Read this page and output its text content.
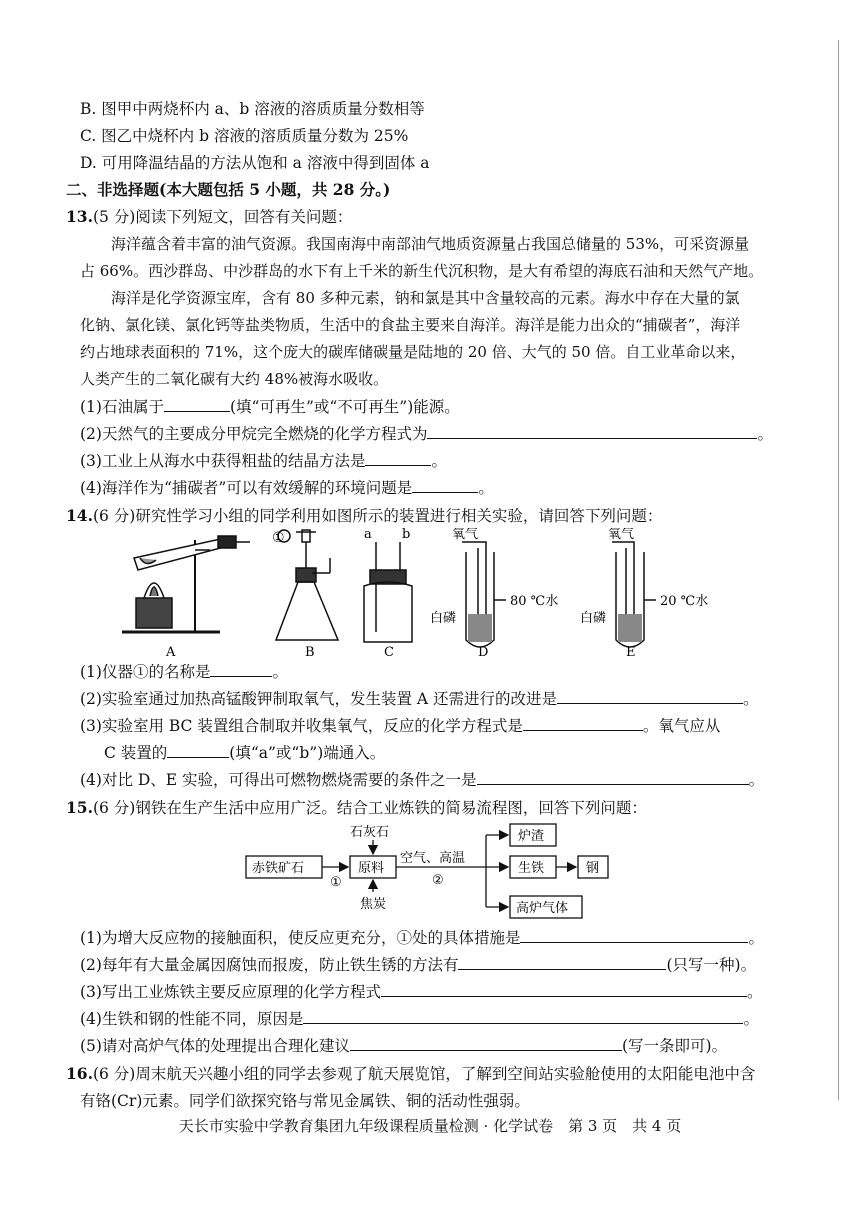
B. 图甲中两烧杯内 a、b 溶液的溶质质量分数相等
C. 图乙中烧杯内 b 溶液的溶质质量分数为 25%
D. 可用降温结晶的方法从饱和 a 溶液中得到固体 a
二、非选择题(本大题包括 5 小题，共 28 分。)
13.(5 分)阅读下列短文，回答有关问题：
海洋蕴含着丰富的油气资源。我国南海中南部油气地质资源量占我国总储量的 53%，可采资源量
占 66%。西沙群岛、中沙群岛的水下有上千米的新生代沉积物，是大有希望的海底石油和天然气产地。
海洋是化学资源宝库，含有 80 多种元素，钠和氯是其中含量较高的元素。海水中存在大量的氯
化钠、氯化镁、氯化钙等盐类物质，生活中的食盐主要来自海洋。海洋是能力出众的“捕碳者”，海洋
约占地球表面积的 71%，这个庞大的碳库储碳量是陆地的 20 倍、大气的 50 倍。自工业革命以来，
人类产生的二氧化碳有大约 48%被海水吸收。
(1)石油属于	(填“可再生”或“不可再生”)能源。
(2)天然气的主要成分甲烷完全燃烧的化学方程式为	。
(3)工业上从海水中获得粗盐的结晶方法是	。
(4)海洋作为“捕碳者”可以有效缓解的环境问题是	。
14.(6 分)研究性学习小组的同学利用如图所示的装置进行相关实验，请回答下列问题：
①	a b	氧气	氧气
80 ℃水	20 ℃水
白磷	白磷
A	B	C	D	E
(1)仪器①的名称是	。
(2)实验室通过加热高锰酸钾制取氧气，发生装置 A 还需进行的改进是	。
(3)实验室用 BC 装置组合制取并收集氧气，反应的化学方程式是	。氧气应从
C 装置的	(填“a”或“b”)端通入。
(4)对比 D、E 实验，可得出可燃物燃烧需要的条件之一是	。
15.(6 分)钢铁在生产生活中应用广泛。结合工业炼铁的简易流程图，回答下列问题：
赤铁矿石	原料
石灰石
焦炭
空气、高温
①	②
炉渣
生铁	钢
高炉气体
(1)为增大反应物的接触面积，使反应更充分，①处的具体措施是	。
(2)每年有大量金属因腐蚀而报废，防止铁生锈的方法有	(只写一种)。
(3)写出工业炼铁主要反应原理的化学方程式	。
(4)生铁和钢的性能不同，原因是	。
(5)请对高炉气体的处理提出合理化建议	(写一条即可)。
16.(6 分)周末航天兴趣小组的同学去参观了航天展览馆，了解到空间站实验舱使用的太阳能电池中含
有铬(Cr)元素。同学们欲探究铬与常见金属铁、铜的活动性强弱。
天长市实验中学教育集团九年级课程质量检测 · 化学试卷　第 3 页　共 4 页
